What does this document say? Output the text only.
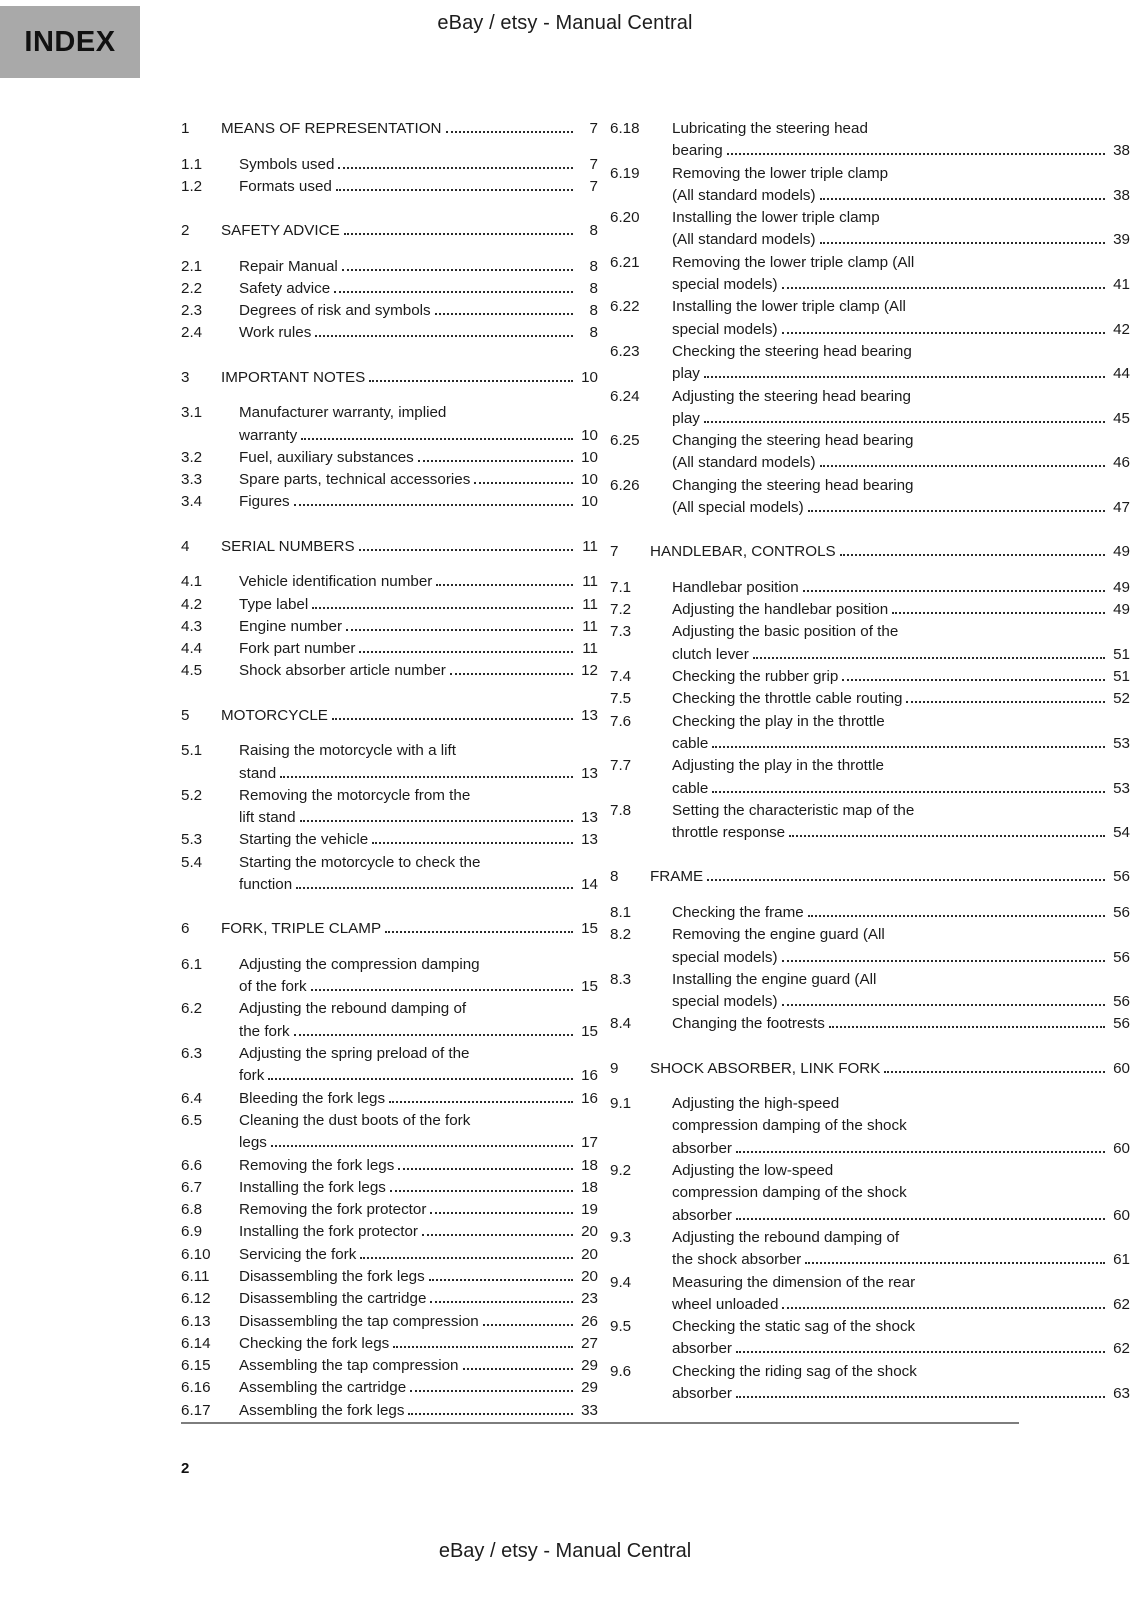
INDEX
eBay / etsy - Manual Central
1	MEANS OF REPRESENTATION	7
1.1	Symbols used	7
1.2	Formats used	7
2	SAFETY ADVICE	8
2.1	Repair Manual	8
2.2	Safety advice	8
2.3	Degrees of risk and symbols	8
2.4	Work rules	8
3	IMPORTANT NOTES	10
3.1	Manufacturer warranty, implied
warranty	10
3.2	Fuel, auxiliary substances	10
3.3	Spare parts, technical accessories	10
3.4	Figures	10
4	SERIAL NUMBERS	11
4.1	Vehicle identification number	11
4.2	Type label	11
4.3	Engine number	11
4.4	Fork part number	11
4.5	Shock absorber article number	12
5	MOTORCYCLE	13
5.1	Raising the motorcycle with a lift
stand	13
5.2	Removing the motorcycle from the
lift stand	13
5.3	Starting the vehicle	13
5.4	Starting the motorcycle to check the
function	14
6	FORK, TRIPLE CLAMP	15
6.1	Adjusting the compression damping
of the fork	15
6.2	Adjusting the rebound damping of
the fork	15
6.3	Adjusting the spring preload of the
fork	16
6.4	Bleeding the fork legs	16
6.5	Cleaning the dust boots of the fork
legs	17
6.6	Removing the fork legs	18
6.7	Installing the fork legs	18
6.8	Removing the fork protector	19
6.9	Installing the fork protector	20
6.10	Servicing the fork	20
6.11	Disassembling the fork legs	20
6.12	Disassembling the cartridge	23
6.13	Disassembling the tap compression	26
6.14	Checking the fork legs	27
6.15	Assembling the tap compression	29
6.16	Assembling the cartridge	29
6.17	Assembling the fork legs	33
6.18	Lubricating the steering head
bearing	38
6.19	Removing the lower triple clamp
(All standard models)	38
6.20	Installing the lower triple clamp
(All standard models)	39
6.21	Removing the lower triple clamp (All
special models)	41
6.22	Installing the lower triple clamp (All
special models)	42
6.23	Checking the steering head bearing
play	44
6.24	Adjusting the steering head bearing
play	45
6.25	Changing the steering head bearing
(All standard models)	46
6.26	Changing the steering head bearing
(All special models)	47
7	HANDLEBAR, CONTROLS	49
7.1	Handlebar position	49
7.2	Adjusting the handlebar position	49
7.3	Adjusting the basic position of the
clutch lever	51
7.4	Checking the rubber grip	51
7.5	Checking the throttle cable routing	52
7.6	Checking the play in the throttle
cable	53
7.7	Adjusting the play in the throttle
cable	53
7.8	Setting the characteristic map of the
throttle response	54
8	FRAME	56
8.1	Checking the frame	56
8.2	Removing the engine guard (All
special models)	56
8.3	Installing the engine guard (All
special models)	56
8.4	Changing the footrests	56
9	SHOCK ABSORBER, LINK FORK	60
9.1	Adjusting the high-speed
compression damping of the shock
absorber	60
9.2	Adjusting the low-speed
compression damping of the shock
absorber	60
9.3	Adjusting the rebound damping of
the shock absorber	61
9.4	Measuring the dimension of the rear
wheel unloaded	62
9.5	Checking the static sag of the shock
absorber	62
9.6	Checking the riding sag of the shock
absorber	63
2
eBay / etsy - Manual Central
